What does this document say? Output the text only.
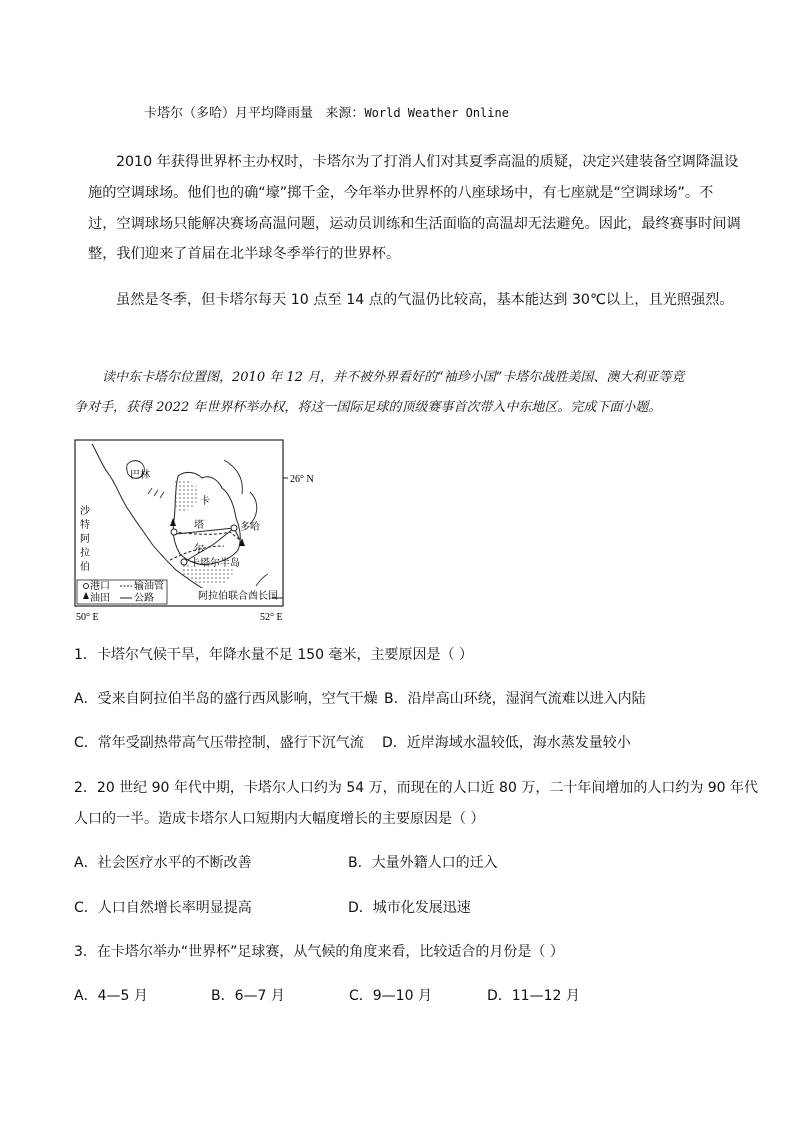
卡塔尔（多哈）月平均降雨量 来源：World Weather Online
2010 年获得世界杯主办权时，卡塔尔为了打消人们对其夏季高温的质疑，决定兴建装备空调降温设
施的空调球场。他们也的确“壕”掷千金，今年举办世界杯的八座球场中，有七座就是“空调球场”。不
过，空调球场只能解决赛场高温问题，运动员训练和生活面临的高温却无法避免。因此，最终赛事时间调
整，我们迎来了首届在北半球冬季举行的世界杯。
虽然是冬季，但卡塔尔每天 10 点至 14 点的气温仍比较高，基本能达到 30℃以上，且光照强烈。
读中东卡塔尔位置图，2010 年 12 月，并不被外界看好的“袖珍小国”卡塔尔战胜美国、澳大利亚等竞
争对手，获得 2022 年世界杯举办权，将这一国际足球的顶级赛事首次带入中东地区。完成下面小题。
26° N
巴林
沙
特
阿
拉
伯
卡
塔
尔
多哈
卡塔尔半岛
阿拉伯联合酋长国
港口 输油管
油田 公路
50° E	52° E
1．卡塔尔气候干旱，年降水量不足 150 毫米，主要原因是（ ）
A．受来自阿拉伯半岛的盛行西风影响，空气干燥 B．沿岸高山环绕，湿润气流难以进入内陆
C．常年受副热带高气压带控制，盛行下沉气流 D．近岸海域水温较低，海水蒸发量较小
2．20 世纪 90 年代中期，卡塔尔人口约为 54 万，而现在的人口近 80 万，二十年间增加的人口约为 90 年代
人口的一半。造成卡塔尔人口短期内大幅度增长的主要原因是（ ）
A．社会医疗水平的不断改善	B．大量外籍人口的迁入
C．人口自然增长率明显提高	D．城市化发展迅速
3．在卡塔尔举办“世界杯”足球赛，从气候的角度来看，比较适合的月份是（ ）
A．4—5 月	B．6—7 月	C．9—10 月	D．11—12 月
